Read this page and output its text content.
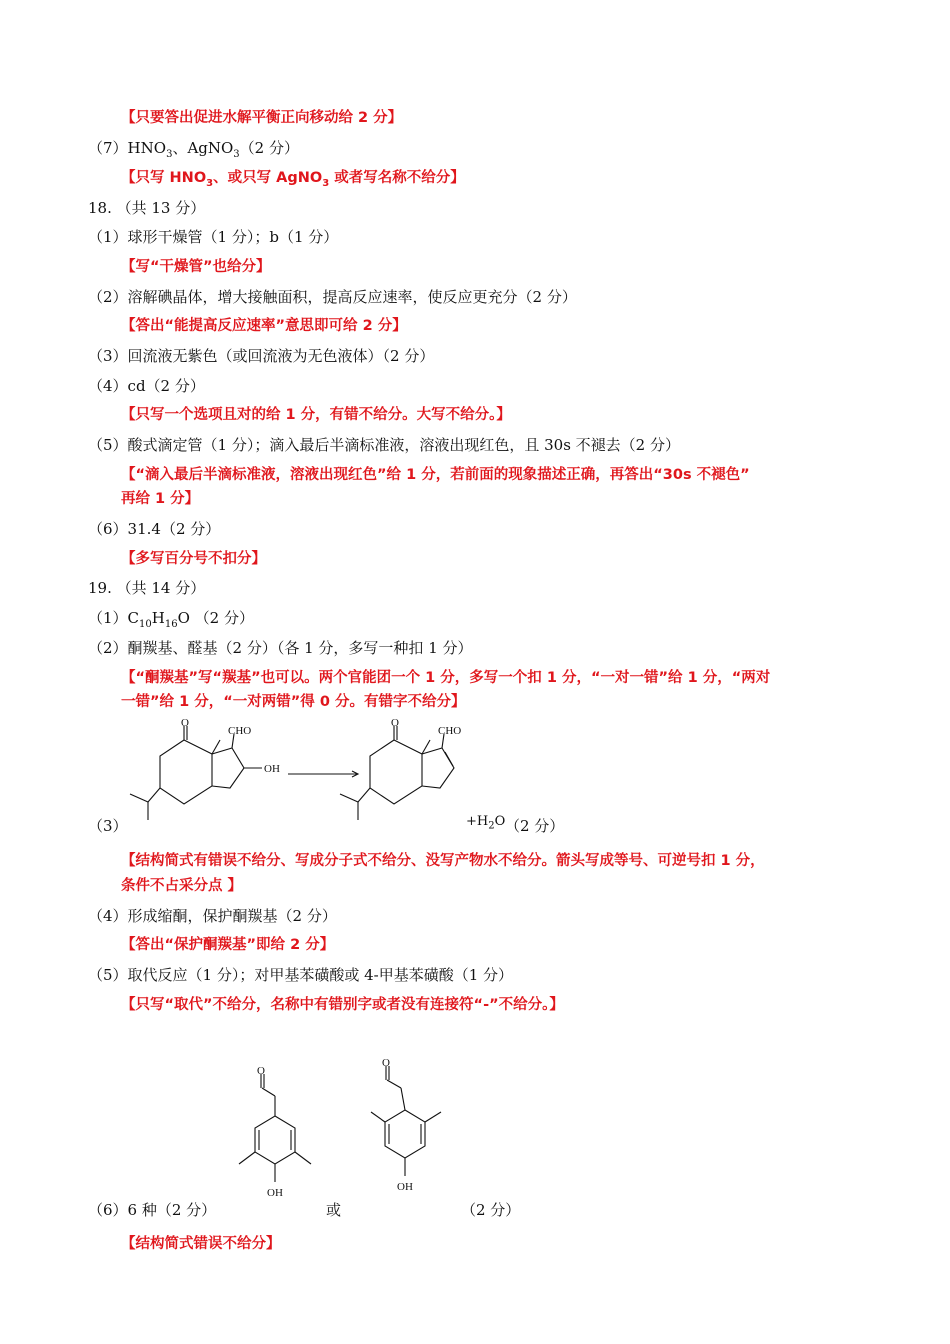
【只要答出促进水解平衡正向移动给 2 分】
$(7)HNO_3$、AgNO$_3$（2 分）
【只写 $HNO_3$、或只写 AgNO$_3$ 或者写名称不给分】
18. （共 13 分）
（1）球形干燥管（1 分）；b（1 分）
【写“干燥管”也给分】
（2）溶解碘晶体，增大接触面积，提高反应速率，使反应更充分（2 分）
【答出“能提高反应速率”意思即可给 2 分】
（3）回流液无紫色（或回流液为无色液体）（2 分）
（4）cd（2 分）
【只写一个选项且对的给 1 分，有错不给分。大写不给分。】
（5）酸式滴定管（1 分）；滴入最后半滴标准液，溶液出现红色，且 30s 不褪去（2 分）
【“滴入最后半滴标准液，溶液出现红色”给 1 分，若前面的现象描述正确，再答出“30s 不褪色”
再给 1 分】
（6）31.4（2 分）
【多写百分号不扣分】
19. （共 14 分）
$(1)C_{10}H_{16}O$ （2 分）
（2）酮羰基、醛基（2 分）（各 1 分，多写一种扣 1 分）
【“酮羰基”写“羰基”也可以。两个官能团一个 1 分，多写一个扣 1 分，“一对一错”给 1 分，“两对
一错”给 1 分，“一对两错”得 0 分。有错字不给分】
O
CHO
OH
O
CHO
（3）	$+H_2O$ （2 分）
【结构简式有错误不给分、写成分子式不给分、没写产物水不给分。箭头写成等号、可逆号扣 1 分，
条件不占采分点 】
（4）形成缩酮，保护酮羰基（2 分）
【答出“保护酮羰基”即给 2 分】
（5）取代反应（1 分）；对甲基苯磺酸或 4-甲基苯磺酸（1 分）
【只写“取代”不给分，名称中有错别字或者没有连接符“-”不给分。】
O
OH
O
OH
（6）6 种（2 分）	或	（2 分）
【结构简式错误不给分】
